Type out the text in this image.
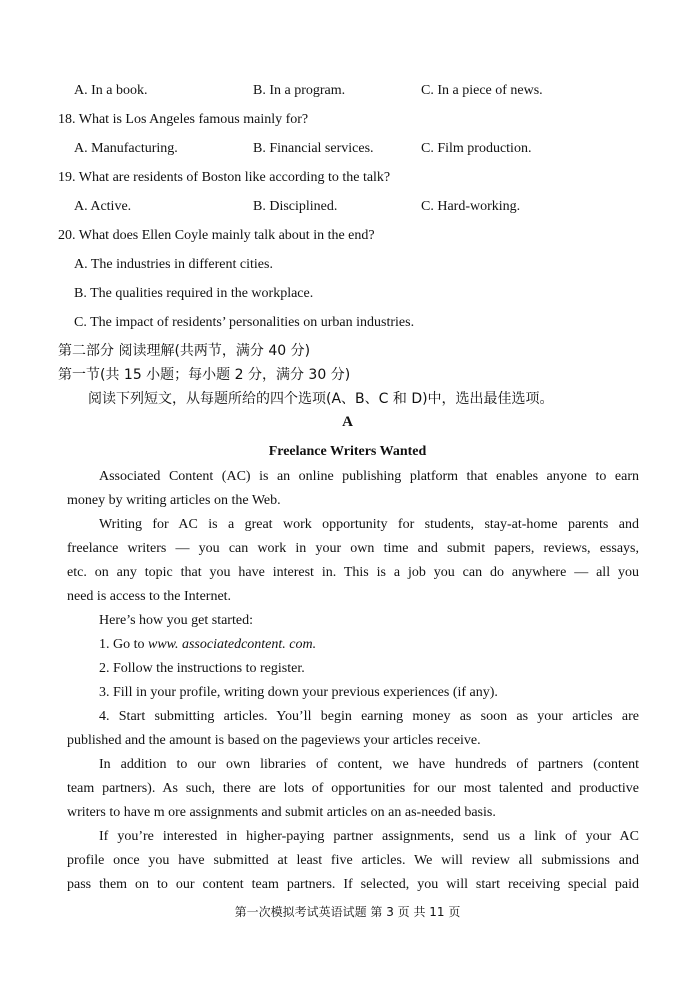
A. In a book.	B. In a program.	C. In a piece of news.
18. What is Los Angeles famous mainly for?
A. Manufacturing.	B. Financial services.	C. Film production.
19. What are residents of Boston like according to the talk?
A. Active.	B. Disciplined.	C. Hard-working.
20. What does Ellen Coyle mainly talk about in the end?
A. The industries in different cities.
B. The qualities required in the workplace.
C. The impact of residents’ personalities on urban industries.
第二部分 阅读理解(共两节，满分 40 分)
第一节(共 15 小题；每小题 2 分，满分 30 分)
阅读下列短文，从每题所给的四个选项(A、B、C 和 D)中，选出最佳选项。
A
Freelance Writers Wanted
Associated Content (AC) is an online publishing platform that enables anyone to earn
money by writing articles on the Web.
Writing for AC is a great work opportunity for students, stay-at-home parents and
freelance writers — you can work in your own time and submit papers, reviews, essays,
etc. on any topic that you have interest in. This is a job you can do anywhere — all you
need is access to the Internet.
Here’s how you get started:
1. Go to www. associatedcontent. com.
2. Follow the instructions to register.
3. Fill in your profile, writing down your previous experiences (if any).
4. Start submitting articles. You’ll begin earning money as soon as your articles are
published and the amount is based on the pageviews your articles receive.
In addition to our own libraries of content, we have hundreds of partners (content
team partners). As such, there are lots of opportunities for our most talented and productive
writers to have m ore assignments and submit articles on an as-needed basis.
If you’re interested in higher-paying partner assignments, send us a link of your AC
profile once you have submitted at least five articles. We will review all submissions and
pass them on to our content team partners. If selected, you will start receiving special paid
第一次模拟考试英语试题 第 3 页 共 11 页
